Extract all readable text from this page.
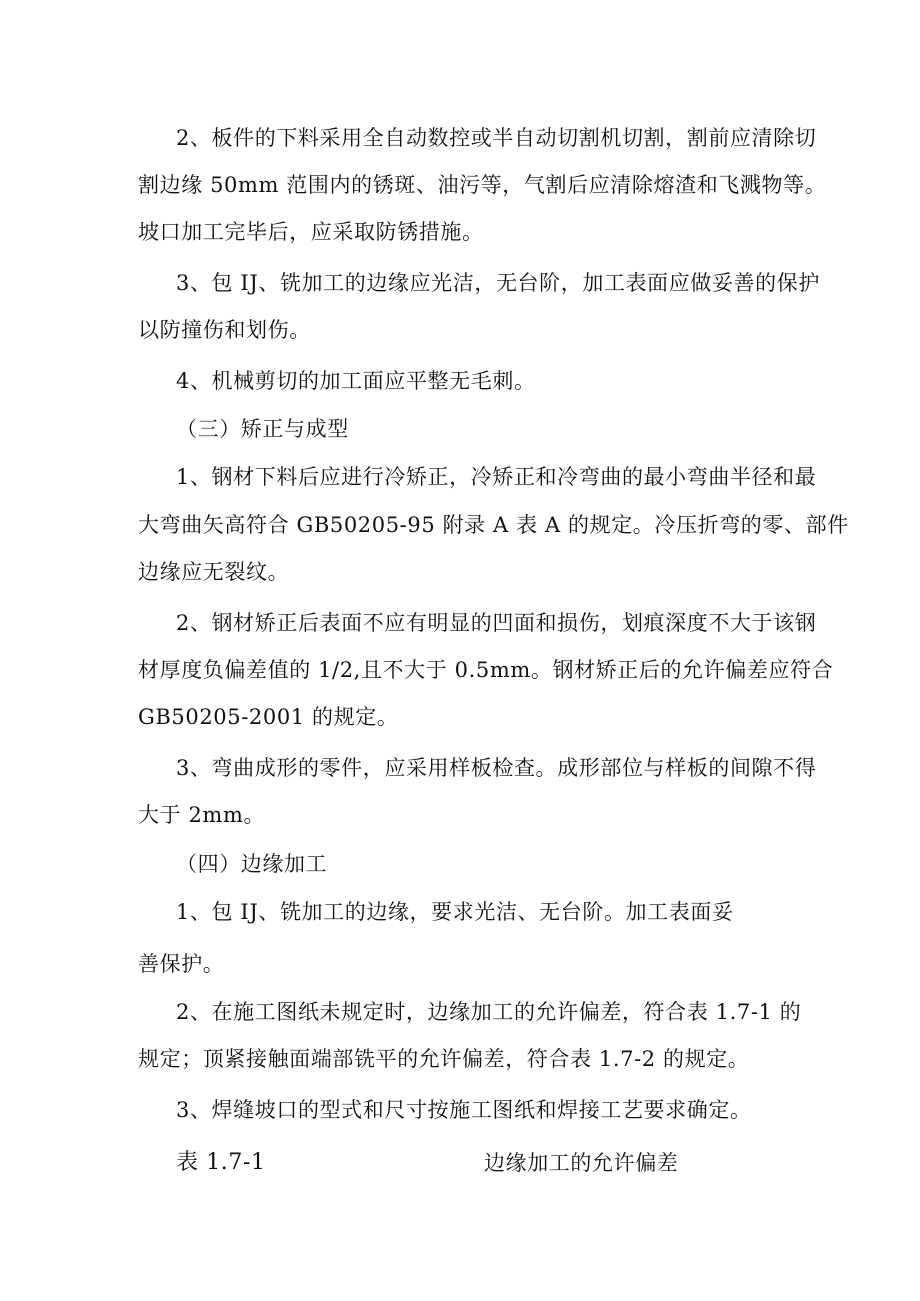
2、板件的下料采用全自动数控或半自动切割机切割，割前应清除切
割边缘 50mm 范围内的锈斑、油污等，气割后应清除熔渣和飞溅物等。
坡口加工完毕后，应采取防锈措施。
3、包 IJ、铣加工的边缘应光洁，无台阶，加工表面应做妥善的保护
以防撞伤和划伤。
4、机械剪切的加工面应平整无毛刺。
（三）矫正与成型
1、钢材下料后应进行冷矫正，冷矫正和冷弯曲的最小弯曲半径和最
大弯曲矢高符合 GB50205-95 附录 A 表 A 的规定。冷压折弯的零、部件
边缘应无裂纹。
2、钢材矫正后表面不应有明显的凹面和损伤，划痕深度不大于该钢
材厚度负偏差值的 1/2,且不大于 0.5mm。钢材矫正后的允许偏差应符合
GB50205-2001 的规定。
3、弯曲成形的零件，应采用样板检查。成形部位与样板的间隙不得
大于 2mm。
（四）边缘加工
1、包 IJ、铣加工的边缘，要求光洁、无台阶。加工表面妥
善保护。
2、在施工图纸未规定时，边缘加工的允许偏差，符合表 1.7-1 的
规定；顶紧接触面端部铣平的允许偏差，符合表 1.7-2 的规定。
3、焊缝坡口的型式和尺寸按施工图纸和焊接工艺要求确定。
表 1.7-1	边缘加工的允许偏差
